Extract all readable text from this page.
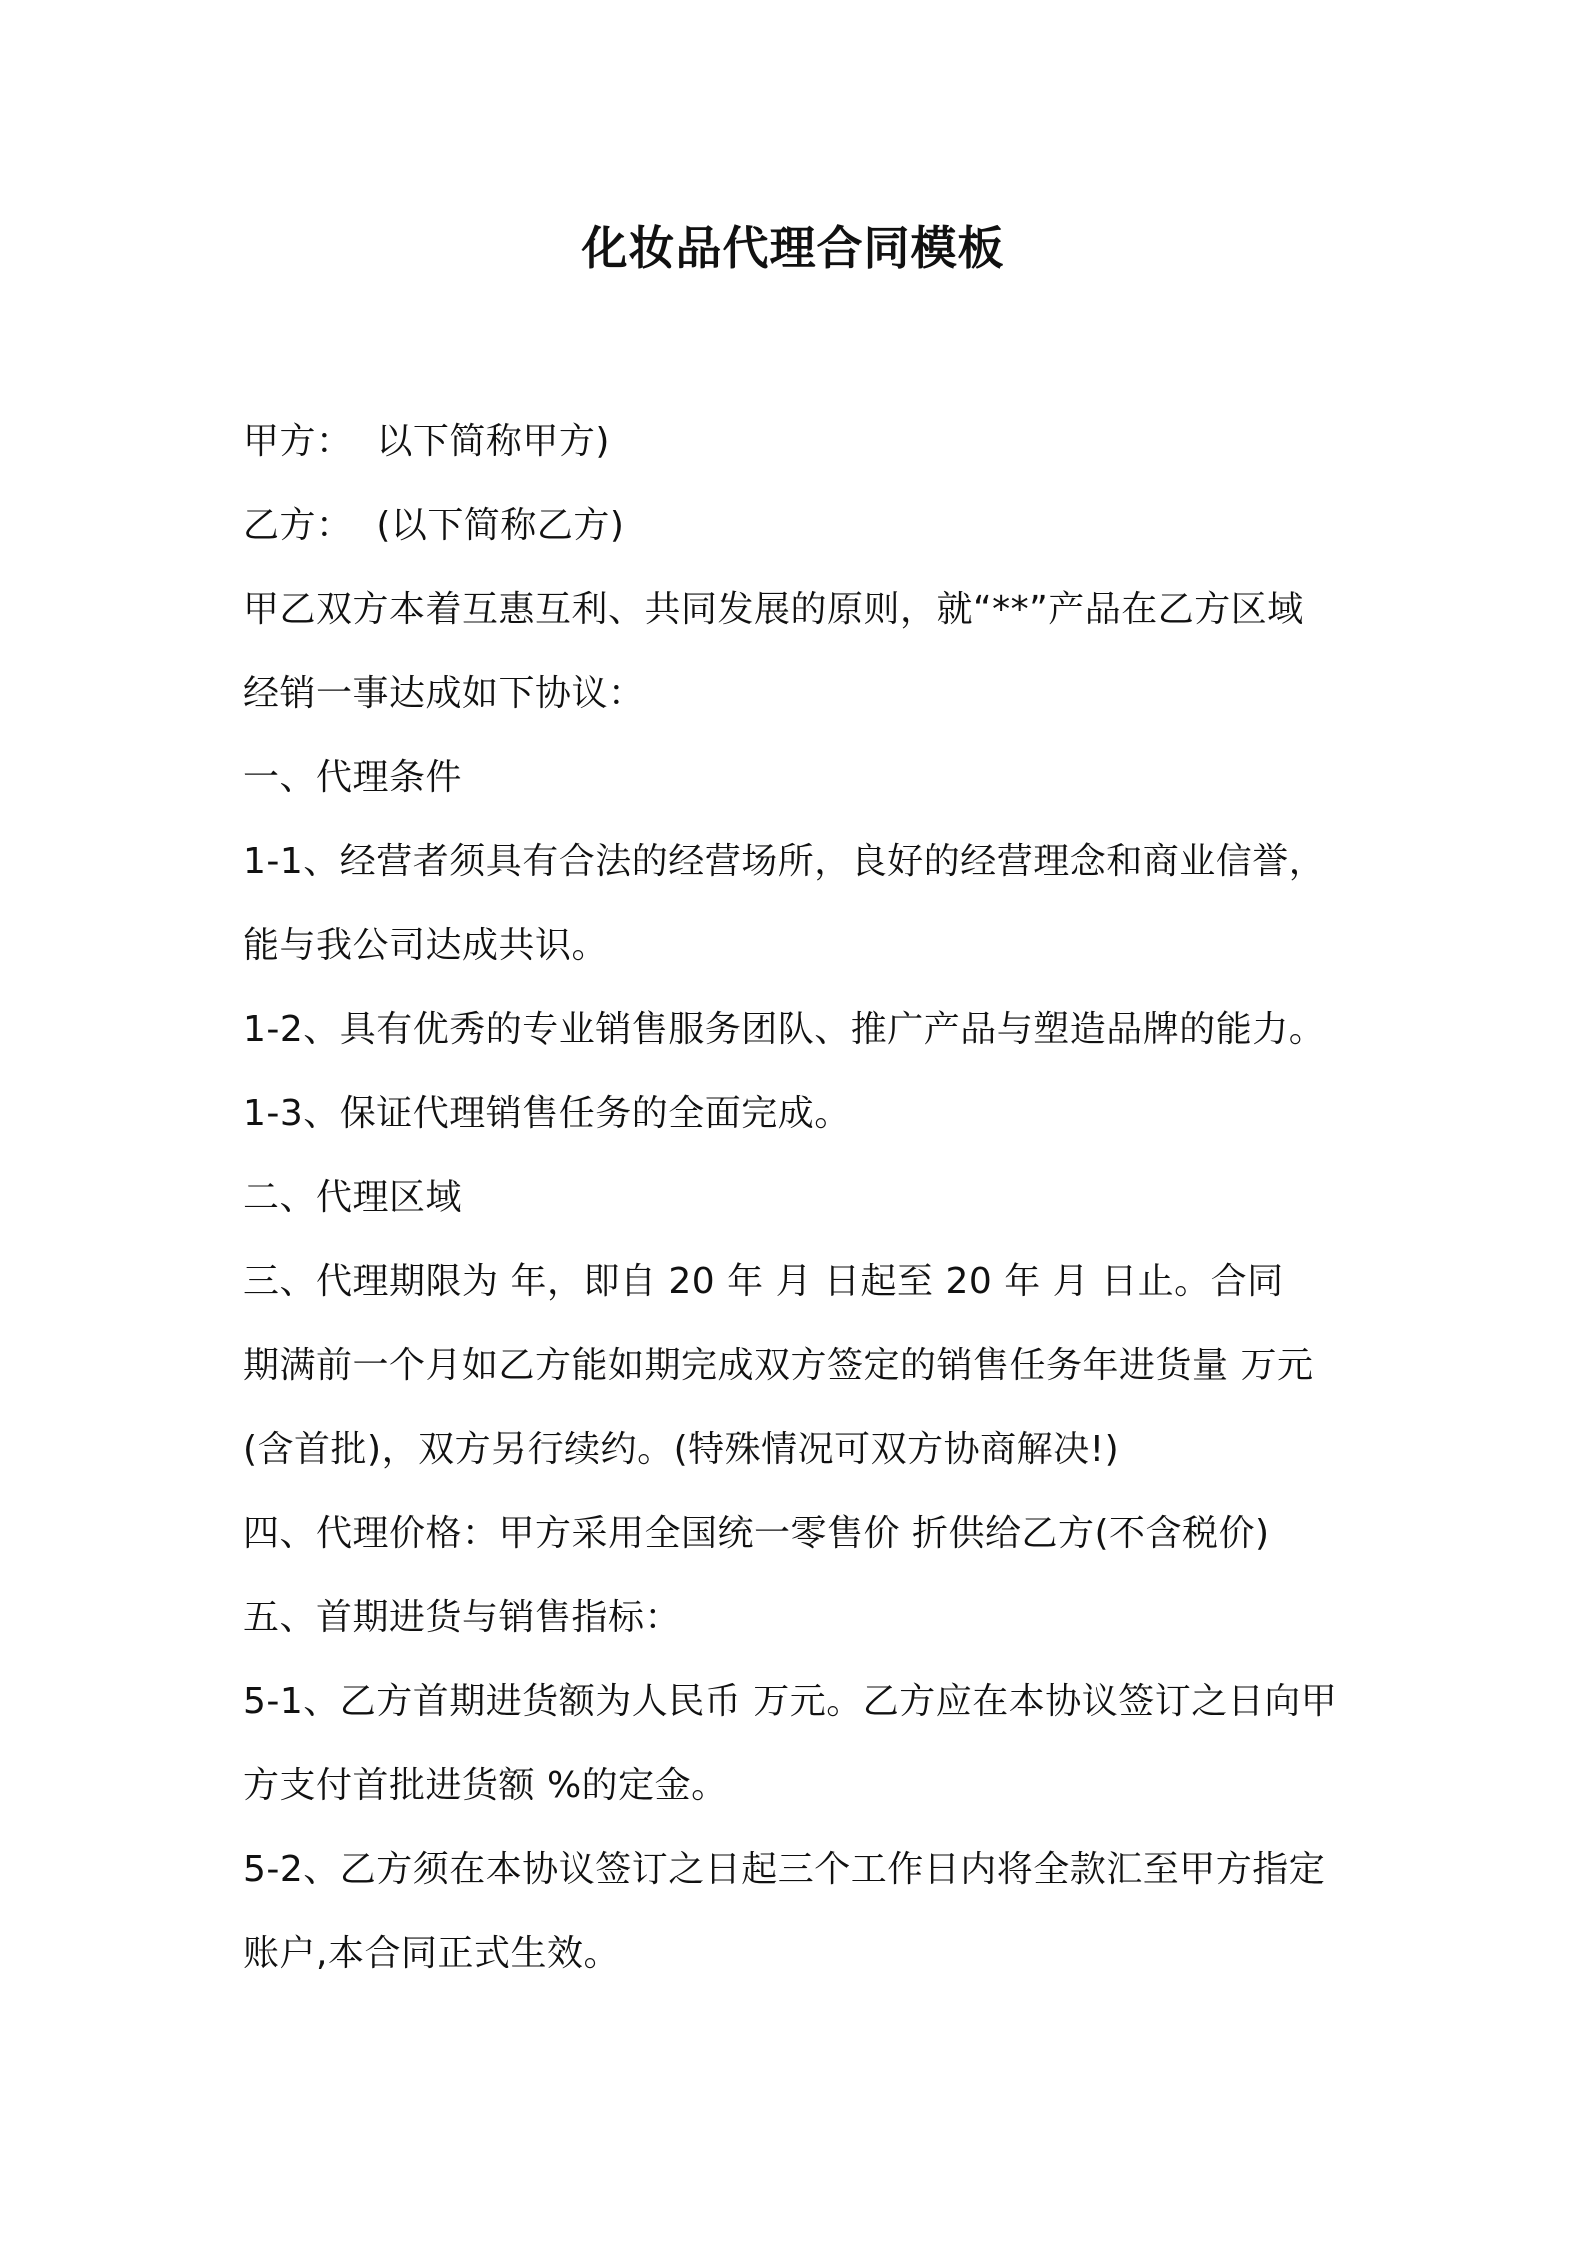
化妆品代理合同模板

甲方：  以下简称甲方)

乙方：  (以下简称乙方)

甲乙双方本着互惠互利、共同发展的原则，就“**”产品在乙方区域

经销一事达成如下协议：

一、代理条件

1-1、经营者须具有合法的经营场所，良好的经营理念和商业信誉，

能与我公司达成共识。

1-2、具有优秀的专业销售服务团队、推广产品与塑造品牌的能力。

1-3、保证代理销售任务的全面完成。

二、代理区域

三、代理期限为 年，即自 20 年 月 日起至 20 年 月 日止。合同

期满前一个月如乙方能如期完成双方签定的销售任务年进货量 万元

(含首批)，双方另行续约。(特殊情况可双方协商解决!)

四、代理价格：甲方采用全国统一零售价 折供给乙方(不含税价)

五、首期进货与销售指标：

5-1、乙方首期进货额为人民币 万元。乙方应在本协议签订之日向甲

方支付首批进货额 %的定金。

5-2、乙方须在本协议签订之日起三个工作日内将全款汇至甲方指定

账户,本合同正式生效。
